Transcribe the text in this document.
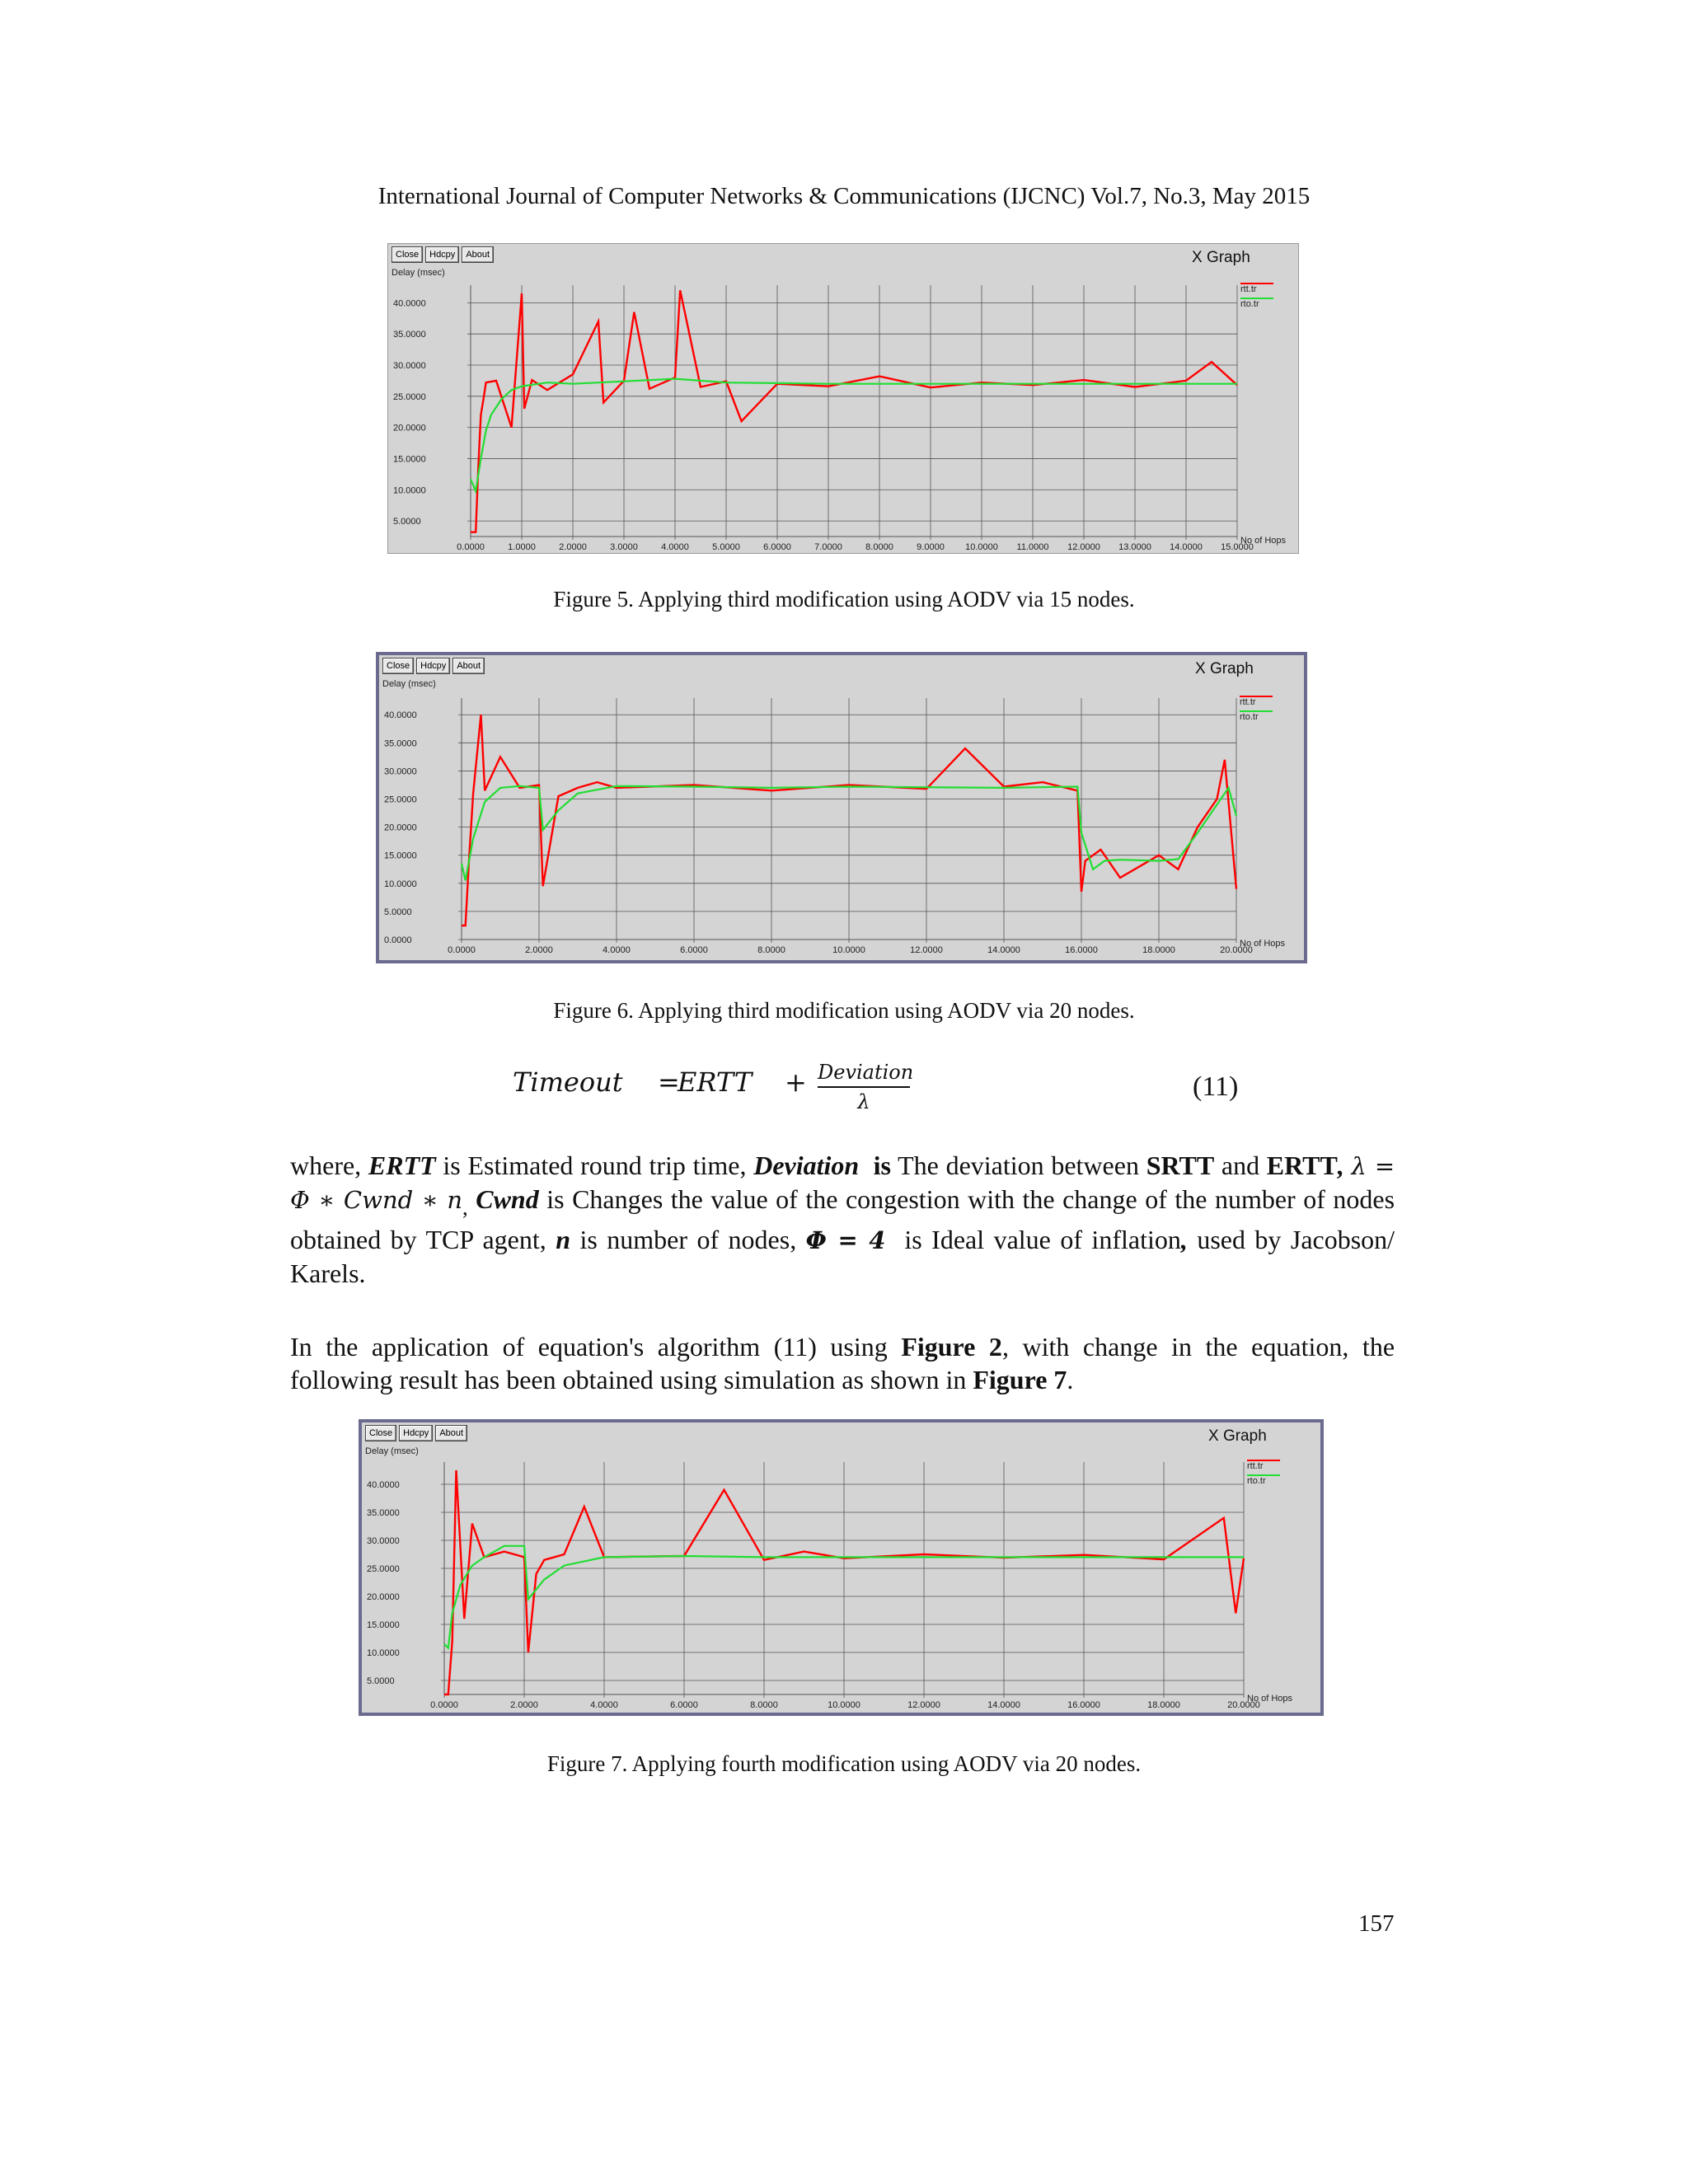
International Journal of Computer Networks & Communications (IJCNC) Vol.7, No.3, May 2015
Close	Hdcpy	About
Delay (msec)
X Graph
5.0000
10.0000
15.0000
20.0000
25.0000
30.0000
35.0000
40.0000
0.0000	1.0000	2.0000	3.0000	4.0000	5.0000	6.0000	7.0000	8.0000	9.0000 10.0000 11.0000 12.0000 13.0000 14.0000 15.0000
No of Hops
rtt.tr
rto.tr
Figure 5. Applying third modification using AODV via 15 nodes.
Close	Hdcpy	About
Delay (msec)
X Graph
0.0000
5.0000
10.0000
15.0000
20.0000
25.0000
30.0000
35.0000
40.0000
0.0000	2.0000	4.0000	6.0000	8.0000	10.0000	12.0000	14.0000	16.0000	18.0000	20.0000
No of Hops
rtt.tr
rto.tr
Figure 6. Applying third modification using AODV via 20 nodes.
Timeout =
ERTT + Deviation
λ	(11)
where, ERTT is Estimated round trip time, Deviation is The deviation between SRTT and ERTT, λ = Φ ∗ Cwnd ∗ $n_,$ Cwnd is Changes the value of the congestion with the change of the number of nodes obtained by TCP agent, n is number of nodes, Φ = 4 is Ideal value of inflation, used by Jacobson/ Karels.
In the application of equation's algorithm (11) using Figure 2, with change in the equation, the following result has been obtained using simulation as shown in Figure 7.
Close	Hdcpy	About
Delay (msec)
X Graph
5.0000
10.0000
15.0000
20.0000
25.0000
30.0000
35.0000
40.0000
0.0000	2.0000	4.0000	6.0000	8.0000	10.0000	12.0000	14.0000	16.0000	18.0000	20.0000
No of Hops
rtt.tr
rto.tr
Figure 7. Applying fourth modification using AODV via 20 nodes.
157
